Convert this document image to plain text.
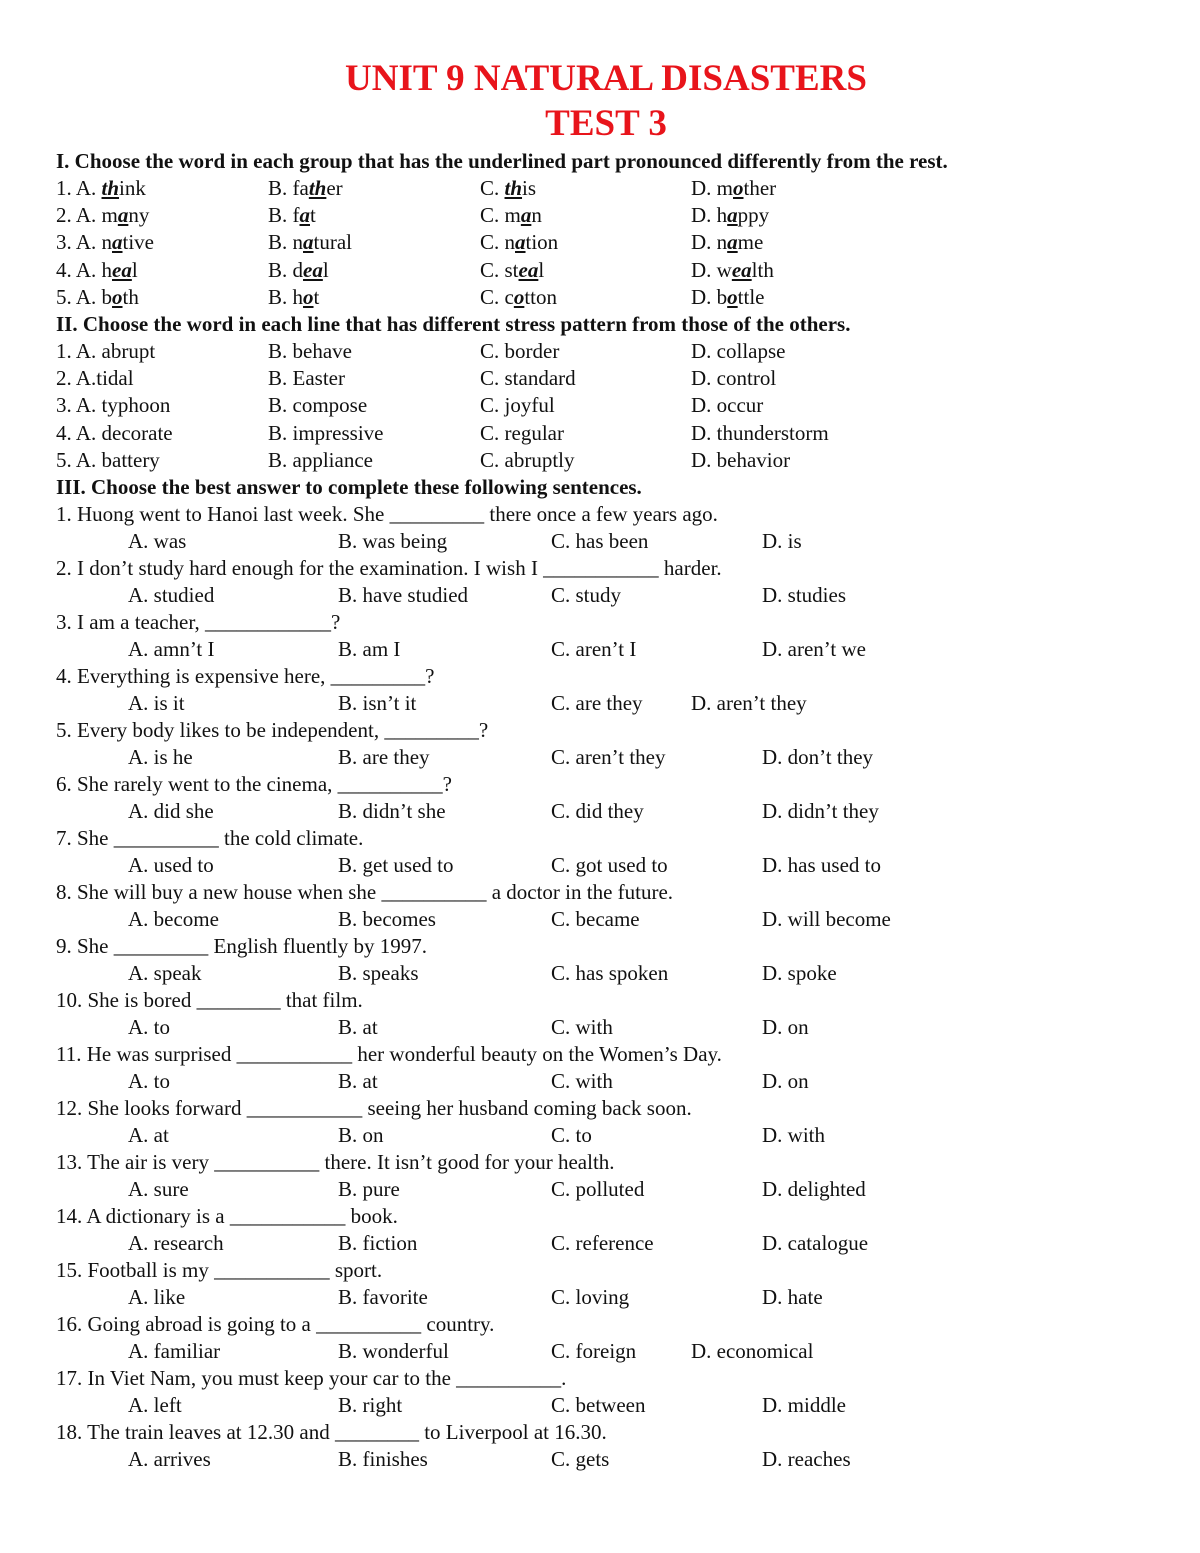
UNIT 9 NATURAL DISASTERS
TEST 3
I. Choose the word in each group that has the underlined part pronounced differently from the rest.
1. A. think	B. father	C. this	D. mother
2. A. many	B. fat	C. man	D. happy
3. A. native	B. natural	C. nation	D. name
4. A. heal	B. deal	C. steal	D. wealth
5. A. both	B. hot	C. cotton	D. bottle
II. Choose the word in each line that has different stress pattern from those of the others.
1. A. abrupt	B. behave	C. border	D. collapse
2. A.tidal	B. Easter	C. standard	D. control
3. A. typhoon	B. compose	C. joyful	D. occur
4. A. decorate	B. impressive	C. regular	D. thunderstorm
5. A. battery	B. appliance	C. abruptly	D. behavior
III. Choose the best answer to complete these following sentences.
1. Huong went to Hanoi last week. She _________ there once a few years ago.
A. was	B. was being	C. has been	D. is
2. I don’t study hard enough for the examination. I wish I ___________ harder.
A. studied	B. have studied	C. study	D. studies
3. I am a teacher, ____________?
A. amn’t I	B. am I	C. aren’t I	D. aren’t we
4. Everything is expensive here, _________?
A. is it	B. isn’t it	C. are they D. aren’t they
5. Every body likes to be independent, _________?
A. is he	B. are they	C. aren’t they	D. don’t they
6. She rarely went to the cinema, __________?
A. did she	B. didn’t she	C. did they	D. didn’t they
7. She __________ the cold climate.
A. used to	B. get used to	C. got used to	D. has used to
8. She will buy a new house when she __________ a doctor in the future.
A. become	B. becomes	C. became	D. will become
9. She _________ English fluently by 1997.
A. speak	B. speaks	C. has spoken	D. spoke
10. She is bored ________ that film.
A. to	B. at	C. with	D. on
11. He was surprised ___________ her wonderful beauty on the Women’s Day.
A. to	B. at	C. with	D. on
12. She looks forward ___________ seeing her husband coming back soon.
A. at	B. on	C. to	D. with
13. The air is very __________ there. It isn’t good for your health.
A. sure	B. pure	C. polluted	D. delighted
14. A dictionary is a ___________ book.
A. research	B. fiction	C. reference	D. catalogue
15. Football is my ___________ sport.
A. like	B. favorite	C. loving	D. hate
16. Going abroad is going to a __________ country.
A. familiar	B. wonderful	C. foreign	D. economical
17. In Viet Nam, you must keep your car to the __________.
A. left	B. right	C. between	D. middle
18. The train leaves at 12.30 and ________ to Liverpool at 16.30.
A. arrives	B. finishes	C. gets	D. reaches
